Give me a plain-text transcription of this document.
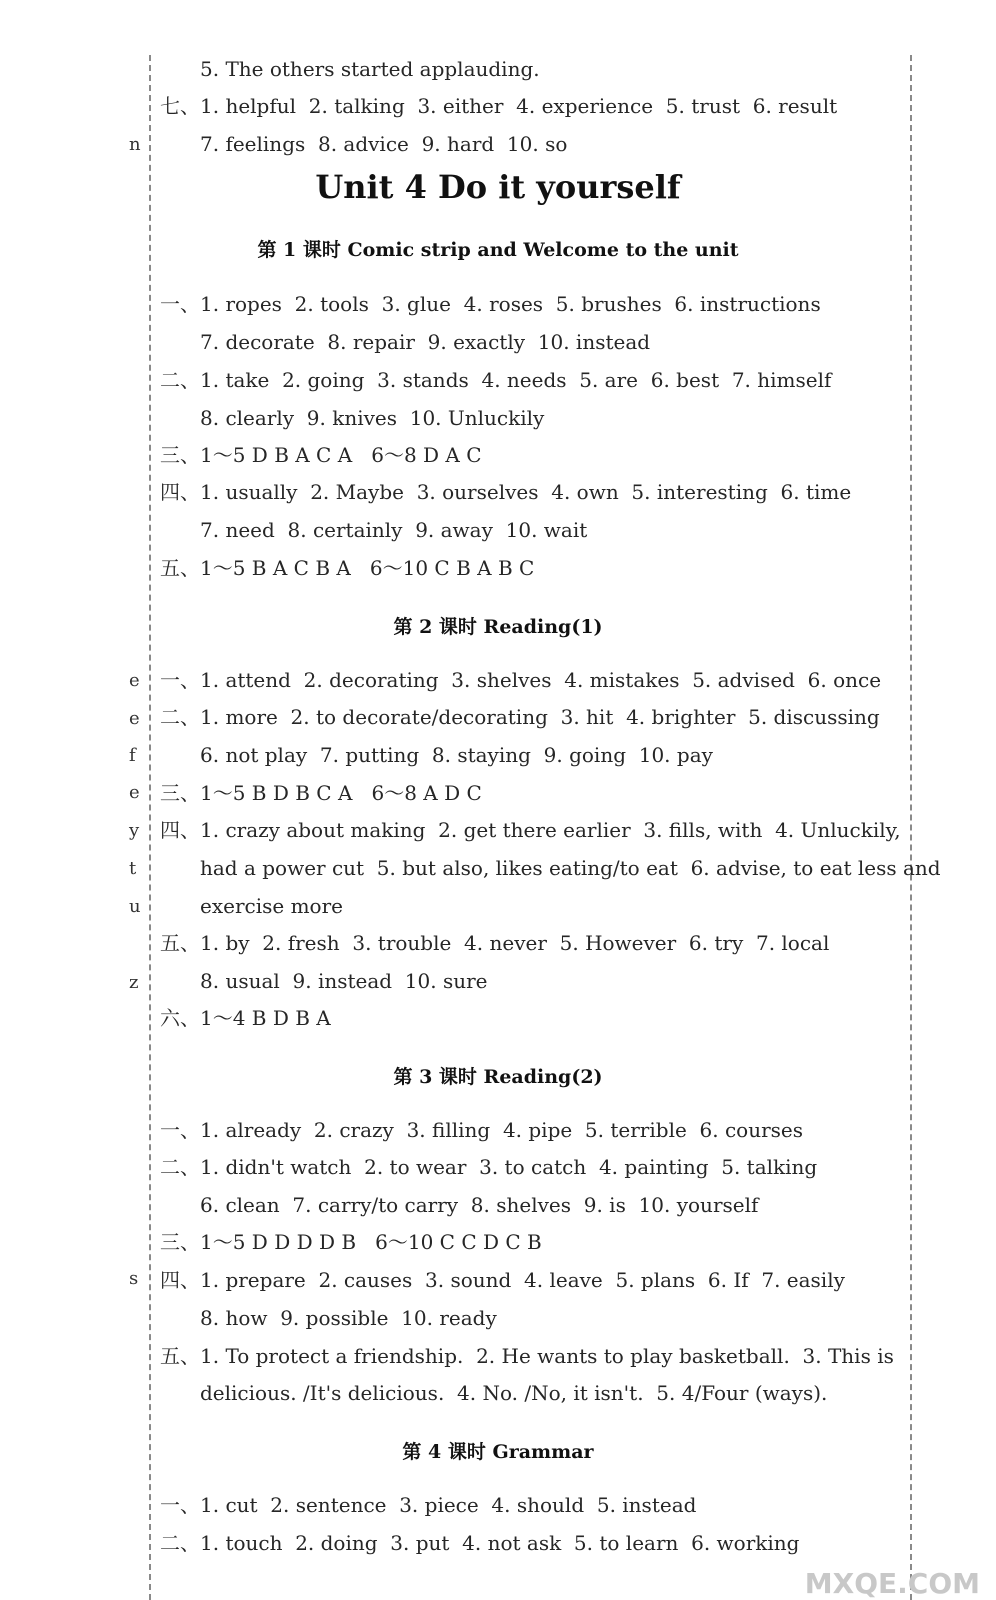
n
e
e
f
e
y
t
u
z
s
5. The others started applauding.
七、1. helpful  2. talking  3. either  4. experience  5. trust  6. result
7. feelings  8. advice  9. hard  10. so
Unit 4 Do it yourself
第 1 课时 Comic strip and Welcome to the unit
一、1. ropes  2. tools  3. glue  4. roses  5. brushes  6. instructions
7. decorate  8. repair  9. exactly  10. instead
二、1. take  2. going  3. stands  4. needs  5. are  6. best  7. himself
8. clearly  9. knives  10. Unluckily
三、1～5 D B A C A   6～8 D A C
四、1. usually  2. Maybe  3. ourselves  4. own  5. interesting  6. time
7. need  8. certainly  9. away  10. wait
五、1～5 B A C B A   6～10 C B A B C
第 2 课时 Reading(1)
一、1. attend  2. decorating  3. shelves  4. mistakes  5. advised  6. once
二、1. more  2. to decorate/decorating  3. hit  4. brighter  5. discussing
6. not play  7. putting  8. staying  9. going  10. pay
三、1～5 B D B C A   6～8 A D C
四、1. crazy about making  2. get there earlier  3. fills, with  4. Unluckily,
had a power cut  5. but also, likes eating/to eat  6. advise, to eat less and
exercise more
五、1. by  2. fresh  3. trouble  4. never  5. However  6. try  7. local
8. usual  9. instead  10. sure
六、1～4 B D B A
第 3 课时 Reading(2)
一、1. already  2. crazy  3. filling  4. pipe  5. terrible  6. courses
二、1. didn't watch  2. to wear  3. to catch  4. painting  5. talking
6. clean  7. carry/to carry  8. shelves  9. is  10. yourself
三、1～5 D D D D B   6～10 C C D C B
四、1. prepare  2. causes  3. sound  4. leave  5. plans  6. If  7. easily
8. how  9. possible  10. ready
五、1. To protect a friendship.  2. He wants to play basketball.  3. This is
delicious. /It's delicious.  4. No. /No, it isn't.  5. 4/Four (ways).
第 4 课时 Grammar
一、1. cut  2. sentence  3. piece  4. should  5. instead
二、1. touch  2. doing  3. put  4. not ask  5. to learn  6. working
MXQE.COM
